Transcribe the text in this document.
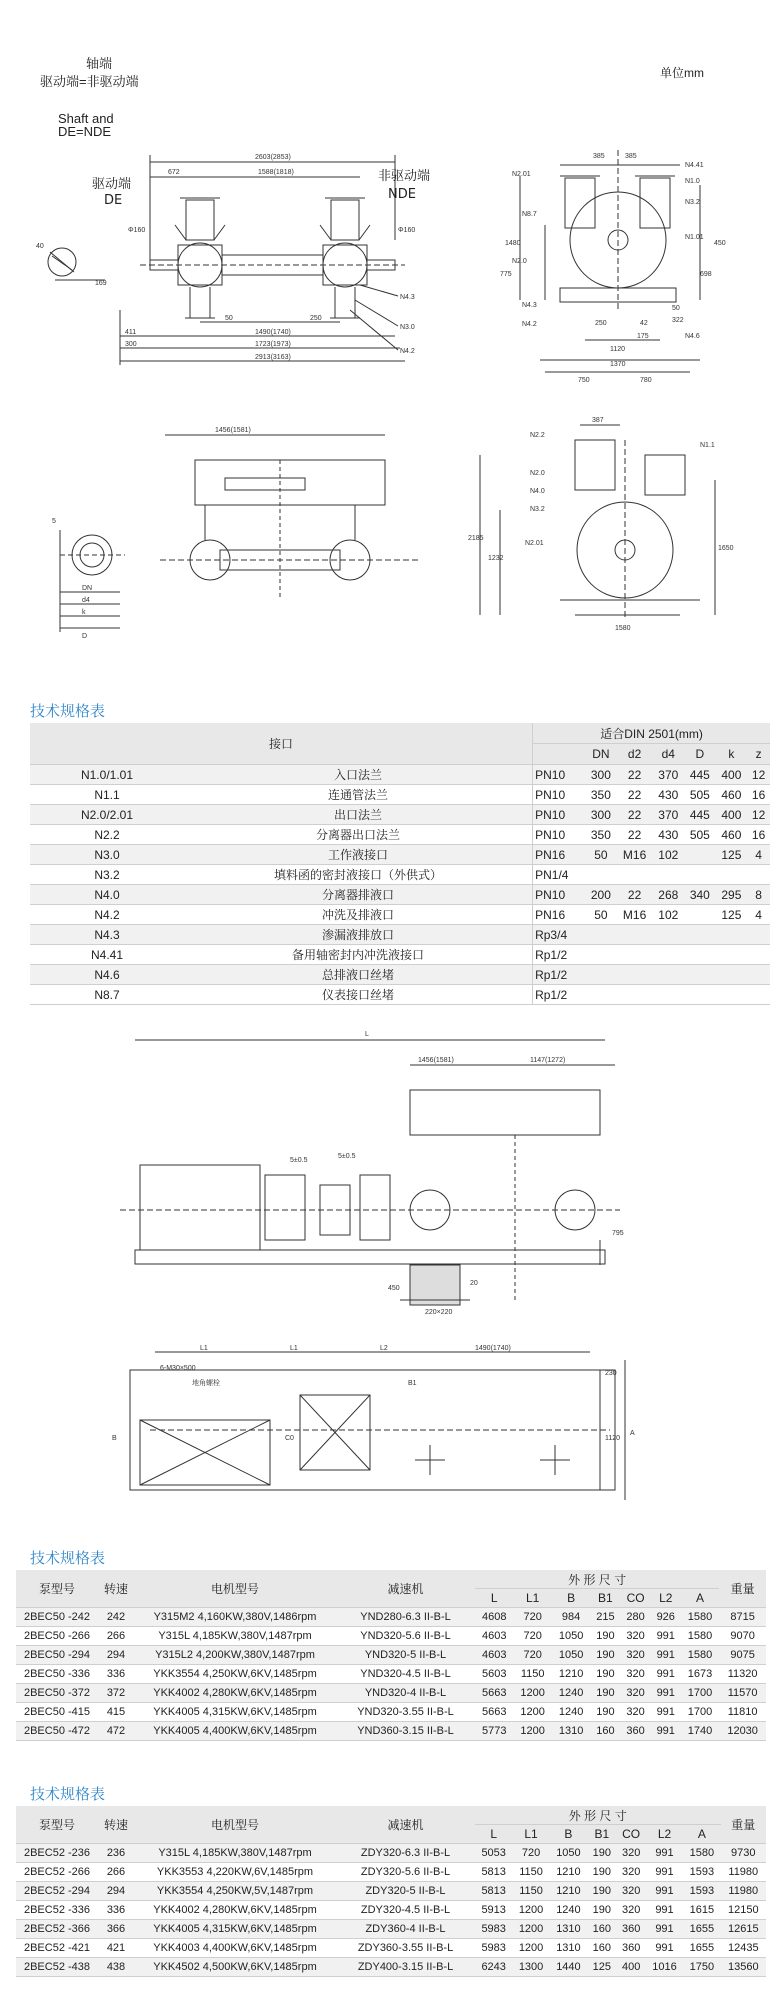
轴端
驱动端=非驱动端
Shaft and
DE=NDE
单位mm
2603(2853)
1588(1818)
672
40
169
Φ160	Φ160
50	250
411
300
1490(1740)
1723(1973)
2913(3163)
N4.3
N3.0
N4.2
驱动端
DE
非驱动端
NDE
N2.01
N8.7
N2.0
N4.3
N4.2
N4.41
N1.0
N3.2
N1.01
N4.6
385	385
1480
775
450
698
250	42
175
1120
1370
750	780
50
322
1456(1581)
5
DN
d4
k
D
N2.2
N2.0
N4.0
N3.2
N2.01
N1.1
387
2185
1232
1650
1580
技术规格表
接口		适合DIN 2501(mm)						
			DN	d2	d4	D	k	z
N1.0/1.01	入口法兰	PN10	300	22	370	445	400	12
N1.1	连通管法兰	PN10	350	22	430	505	460	16
N2.0/2.01	出口法兰	PN10	300	22	370	445	400	12
N2.2	分离器出口法兰	PN10	350	22	430	505	460	16
N3.0	工作液接口	PN16	50	M16	102		125	4
N3.2	填料函的密封液接口（外供式）	PN1/4						
N4.0	分离器排液口	PN10	200	22	268	340	295	8
N4.2	冲洗及排液口	PN16	50	M16	102		125	4
N4.3	渗漏液排放口	Rp3/4						
N4.41	备用轴密封内冲洗液接口	Rp1/2						
N4.6	总排液口丝堵	Rp1/2						
N8.7	仪表接口丝堵	Rp1/2						
L
1456(1581)	1147(1272)
5±0.5
5±0.5
795
450
20
220×220
L1	L1	L2	1490(1740)
6-M30×500
地角螺栓
B
B1
C0	1120
A
230
技术规格表
泵型号	转速	电机型号	减速机	外 形 尺 寸							重量
				L	L1	B	B1	CO	L2	A	
2BEC50 -242	242	Y315M2 4,160KW,380V,1486rpm	YND280-6.3 II-B-L	4608	720	984	215	280	926	1580	8715
2BEC50 -266	266	Y315L 4,185KW,380V,1487rpm	YND320-5.6 II-B-L	4603	720	1050	190	320	991	1580	9070
2BEC50 -294	294	Y315L2 4,200KW,380V,1487rpm	YND320-5 II-B-L	4603	720	1050	190	320	991	1580	9075
2BEC50 -336	336	YKK3554 4,250KW,6KV,1485rpm	YND320-4.5 II-B-L	5603	1150	1210	190	320	991	1673	11320
2BEC50 -372	372	YKK4002 4,280KW,6KV,1485rpm	YND320-4 II-B-L	5663	1200	1240	190	320	991	1700	11570
2BEC50 -415	415	YKK4005 4,315KW,6KV,1485rpm	YND320-3.55 II-B-L	5663	1200	1240	190	320	991	1700	11810
2BEC50 -472	472	YKK4005 4,400KW,6KV,1485rpm	YND360-3.15 II-B-L	5773	1200	1310	160	360	991	1740	12030
技术规格表
泵型号	转速	电机型号	减速机	外 形 尺 寸							重量
				L	L1	B	B1	CO	L2	A	
2BEC52 -236	236	Y315L 4,185KW,380V,1487rpm	ZDY320-6.3 II-B-L	5053	720	1050	190	320	991	1580	9730
2BEC52 -266	266	YKK3553 4,220KW,6V,1485rpm	ZDY320-5.6 II-B-L	5813	1150	1210	190	320	991	1593	11980
2BEC52 -294	294	YKK3554 4,250KW,5V,1487rpm	ZDY320-5 II-B-L	5813	1150	1210	190	320	991	1593	11980
2BEC52 -336	336	YKK4002 4,280KW,6KV,1485rpm	ZDY320-4.5 II-B-L	5913	1200	1240	190	320	991	1615	12150
2BEC52 -366	366	YKK4005 4,315KW,6KV,1485rpm	ZDY360-4 II-B-L	5983	1200	1310	160	360	991	1655	12615
2BEC52 -421	421	YKK4003 4,400KW,6KV,1485rpm	ZDY360-3.55 II-B-L	5983	1200	1310	160	360	991	1655	12435
2BEC52 -438	438	YKK4502 4,500KW,6KV,1485rpm	ZDY400-3.15 II-B-L	6243	1300	1440	125	400	1016	1750	13560
